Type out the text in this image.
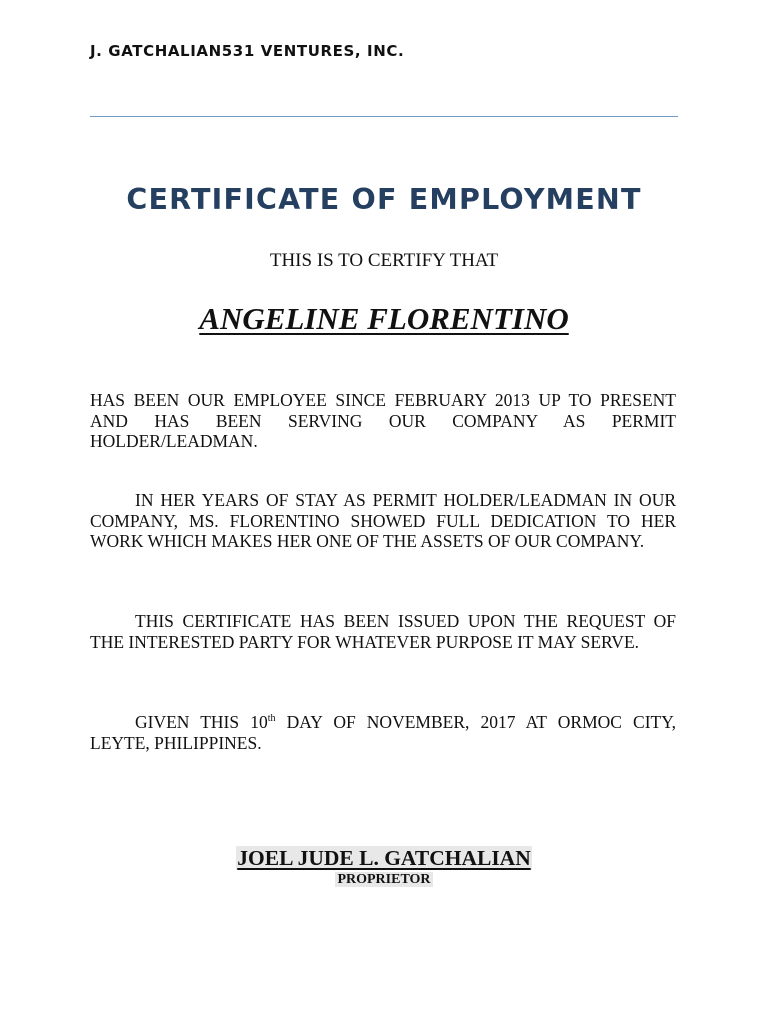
J. GATCHALIAN531 VENTURES, INC.
CERTIFICATE OF EMPLOYMENT
THIS IS TO CERTIFY THAT
ANGELINE FLORENTINO

HAS BEEN OUR EMPLOYEE SINCE FEBRUARY 2013 UP TO PRESENT AND HAS BEEN SERVING OUR COMPANY AS PERMIT HOLDER/LEADMAN.

IN HER YEARS OF STAY AS PERMIT HOLDER/LEADMAN IN OUR COMPANY, MS. FLORENTINO SHOWED FULL DEDICATION TO HER WORK WHICH MAKES HER ONE OF THE ASSETS OF OUR COMPANY.

THIS CERTIFICATE HAS BEEN ISSUED UPON THE REQUEST OF THE INTERESTED PARTY FOR WHATEVER PURPOSE IT MAY SERVE.

GIVEN THIS 10th DAY OF NOVEMBER, 2017 AT ORMOC CITY, LEYTE, PHILIPPINES.

JOEL JUDE L. GATCHALIAN
PROPRIETOR
